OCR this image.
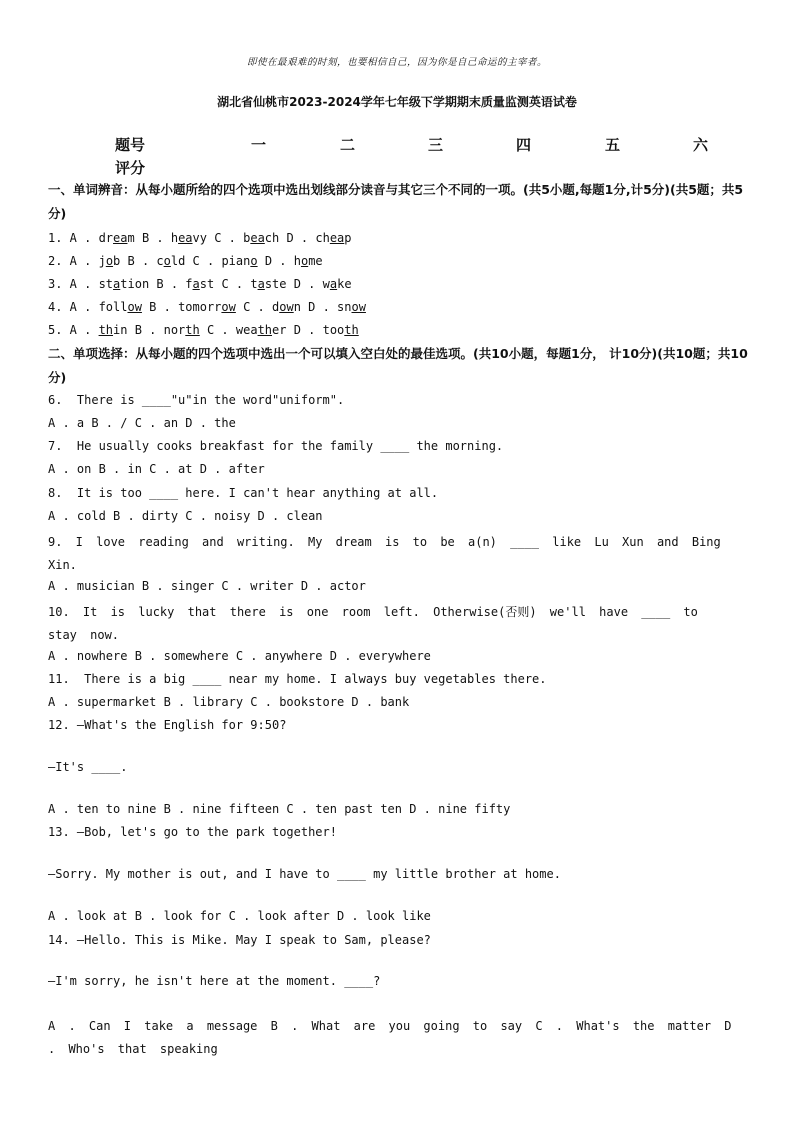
即使在最艰难的时刻，也要相信自己，因为你是自己命运的主宰者。
湖北省仙桃市2023-2024学年七年级下学期期末质量监测英语试卷
题号	一	二	三	四	五	六
评分
一、单词辨音：从每小题所给的四个选项中选出划线部分读音与其它三个不同的一项。(共5小题,每题1分,计5分)(共5题；共5分)
1. A . dream B . heavy C . beach D . cheap
2. A . job B . cold C . piano D . home
3. A . station B . fast C . taste D . wake
4. A . follow B . tomorrow C . down D . snow
5. A . thin B . north C . weather D . tooth
二、单项选择：从每小题的四个选项中选出一个可以填入空白处的最佳选项。(共10小题，每题1分， 计10分)(共10题；共10分)
6.  There is ____"u"in the word"uniform".
A . a B . / C . an D . the
7.  He usually cooks breakfast for the family ____ the morning.
A . on B . in C . at D . after
8.  It is too ____ here. I can't hear anything at all.
A . cold B . dirty C . noisy D . clean
9. I love reading and writing. My dream is to be a(n) ____ like Lu Xun and Bing Xin.
A . musician B . singer C . writer D . actor
10. It is lucky that there is one room left. Otherwise(否则) we'll have ____ to stay now.
A . nowhere B . somewhere C . anywhere D . everywhere
11.  There is a big ____ near my home. I always buy vegetables there.
A . supermarket B . library C . bookstore D . bank
12. —What's the English for 9:50?
—It's ____.
A . ten to nine B . nine fifteen C . ten past ten D . nine fifty
13. —Bob, let's go to the park together!
—Sorry. My mother is out, and I have to ____ my little brother at home.
A . look at B . look for C . look after D . look like
14. —Hello. This is Mike. May I speak to Sam, please?
—I'm sorry, he isn't here at the moment. ____?
A . Can I take a message B . What are you going to say C . What's the matter D . Who's that speaking
